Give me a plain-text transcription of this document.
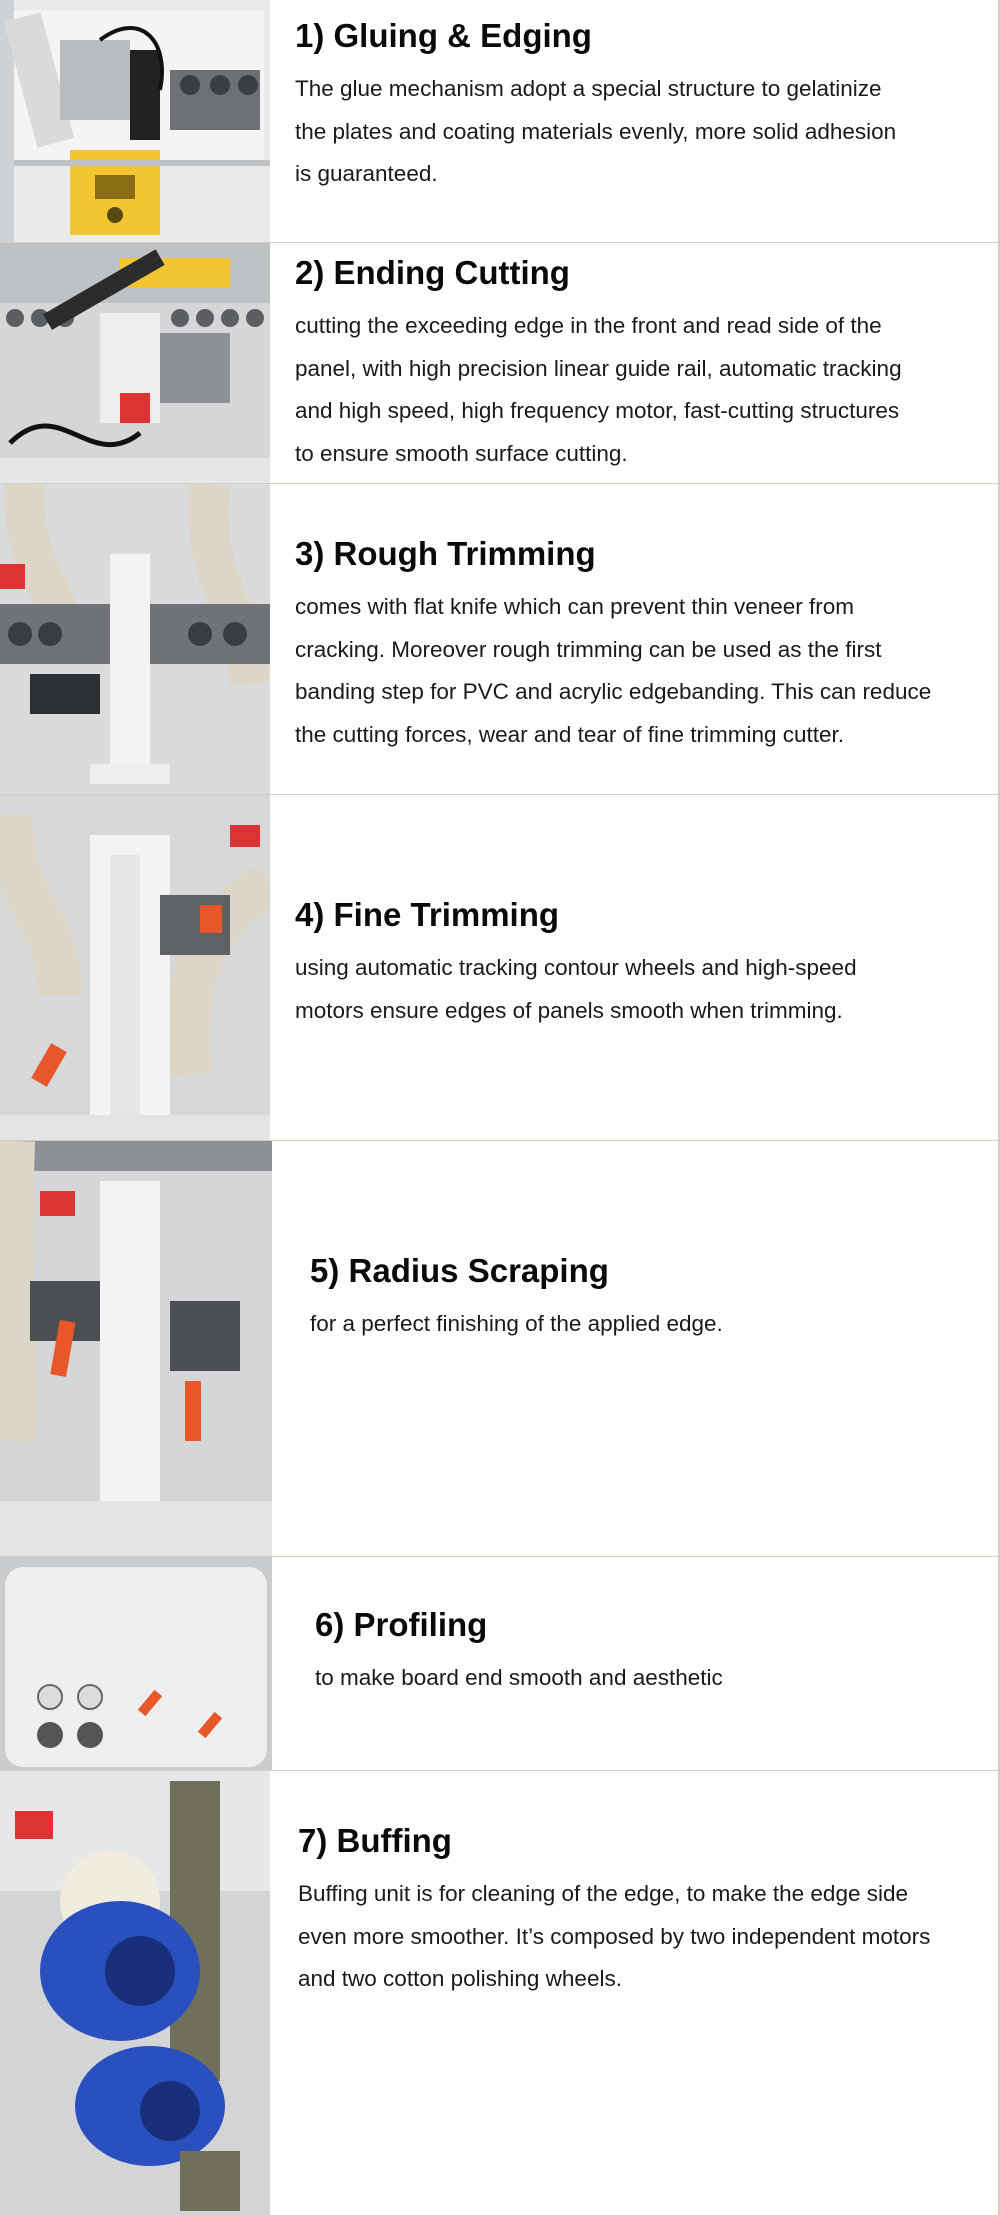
1) Gluing & Edging

The glue mechanism adopt a special structure to gelatinize
the plates and coating materials evenly, more solid adhesion
is guaranteed.

2) Ending Cutting

cutting the exceeding edge in the front and read side of the
panel, with high precision linear guide rail, automatic tracking
and high speed, high frequency motor, fast-cutting structures
to ensure smooth surface cutting.

3) Rough Trimming

comes with flat knife which can prevent thin veneer from
cracking. Moreover rough trimming can be used as the first
banding step for PVC and acrylic edgebanding. This can reduce
the cutting forces, wear and tear of fine trimming cutter.

4) Fine Trimming

using automatic tracking contour wheels and high-speed
motors ensure edges of panels smooth when trimming.

5) Radius Scraping

for a perfect finishing of the applied edge.

6) Profiling

to make board end smooth and aesthetic

7) Buffing

Buffing unit is for cleaning of the edge, to make the edge side
even more smoother. It’s composed by two independent motors
and two cotton polishing wheels.
